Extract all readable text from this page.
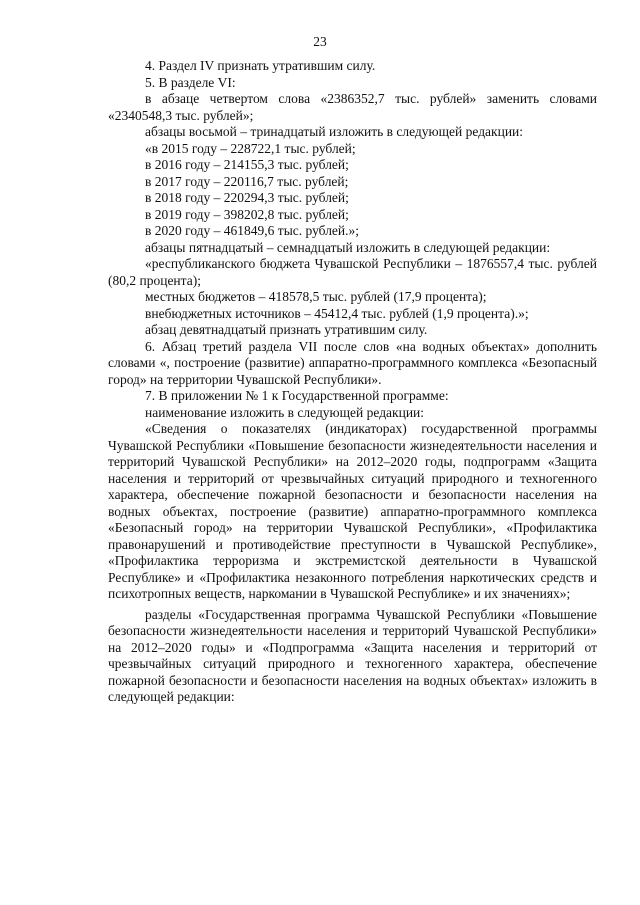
23

4. Раздел IV признать утратившим силу.

5. В разделе VI:

в абзаце четвертом слова «2386352,7 тыс. рублей» заменить словами «2340548,3 тыс. рублей»;

абзацы восьмой – тринадцатый изложить в следующей редакции:

«в 2015 году – 228722,1 тыс. рублей;

в 2016 году – 214155,3 тыс. рублей;

в 2017 году – 220116,7 тыс. рублей;

в 2018 году – 220294,3 тыс. рублей;

в 2019 году – 398202,8 тыс. рублей;

в 2020 году – 461849,6 тыс. рублей.»;

абзацы пятнадцатый – семнадцатый изложить в следующей редакции:

«республиканского бюджета Чувашской Республики – 1876557,4 тыс. рублей (80,2 процента);

местных бюджетов – 418578,5 тыс. рублей (17,9 процента);

внебюджетных источников – 45412,4 тыс. рублей (1,9 процента).»;

абзац девятнадцатый признать утратившим силу.

6. Абзац третий раздела VII после слов «на водных объектах» дополнить словами «, построение (развитие) аппаратно-программного комплекса «Безопасный город» на территории Чувашской Республики».

7. В приложении № 1 к Государственной программе:

наименование изложить в следующей редакции:

«Сведения о показателях (индикаторах) государственной программы Чувашской Республики «Повышение безопасности жизнедеятельности населения и территорий Чувашской Республики» на 2012–2020 годы, подпрограмм «Защита населения и территорий от чрезвычайных ситуаций природного и техногенного характера, обеспечение пожарной безопасности и безопасности населения на водных объектах, построение (развитие) аппаратно-программного комплекса «Безопасный город» на территории Чувашской Республики», «Профилактика правонарушений и противодействие преступности в Чувашской Республике», «Профилактика терроризма и экстремистской деятельности в Чувашской Республике» и «Профилактика незаконного потребления наркотических средств и психотропных веществ, наркомании в Чувашской Республике» и их значениях»;

разделы «Государственная программа Чувашской Республики «Повышение безопасности жизнедеятельности населения и территорий Чувашской Республики» на 2012–2020 годы» и «Подпрограмма «Защита населения и территорий от чрезвычайных ситуаций природного и техногенного характера, обеспечение пожарной безопасности и безопасности населения на водных объектах» изложить в следующей редакции:
